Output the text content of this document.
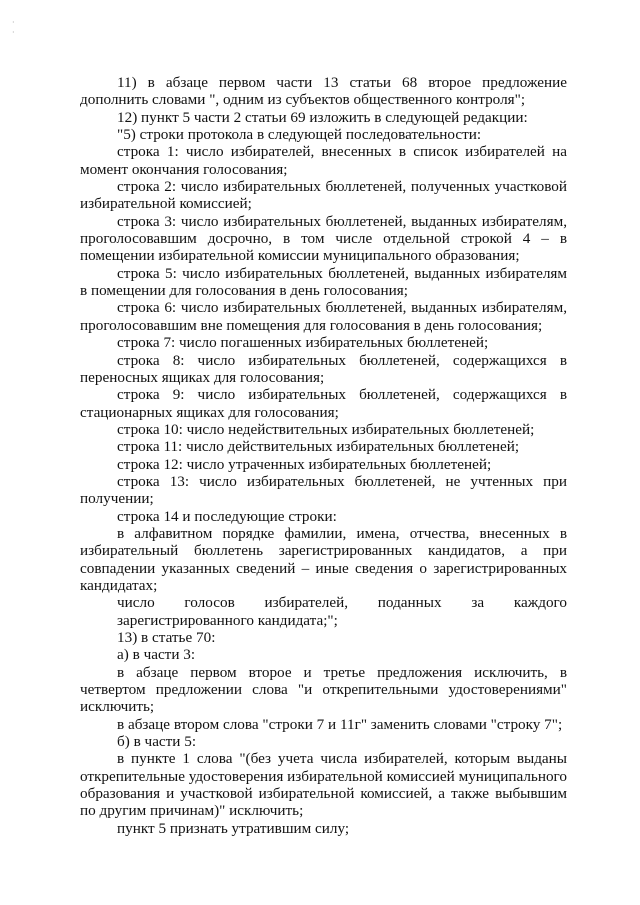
· ·

11) в абзаце первом части 13 статьи 68 второе предложение дополнить словами ", одним из субъектов общественного контроля";

12) пункт 5 части 2 статьи 69 изложить в следующей редакции:

"5) строки протокола в следующей последовательности:

строка 1: число избирателей, внесенных в список избирателей на момент окончания голосования;

строка 2: число избирательных бюллетеней, полученных участковой избирательной комиссией;

строка 3: число избирательных бюллетеней, выданных избирателям, проголосовавшим досрочно, в том числе отдельной строкой 4 – в помещении избирательной комиссии муниципального образования;

строка 5: число избирательных бюллетеней, выданных избирателям в помещении для голосования в день голосования;

строка 6: число избирательных бюллетеней, выданных избирателям, проголосовавшим вне помещения для голосования в день голосования;

строка 7: число погашенных избирательных бюллетеней;

строка 8: число избирательных бюллетеней, содержащихся в переносных ящиках для голосования;

строка 9: число избирательных бюллетеней, содержащихся в стационарных ящиках для голосования;

строка 10: число недействительных избирательных бюллетеней;

строка 11: число действительных избирательных бюллетеней;

строка 12: число утраченных избирательных бюллетеней;

строка 13: число избирательных бюллетеней, не учтенных при получении;

строка 14 и последующие строки:

в алфавитном порядке фамилии, имена, отчества, внесенных в избирательный бюллетень зарегистрированных кандидатов, а при совпадении указанных сведений – иные сведения о зарегистрированных кандидатах;

число голосов избирателей, поданных за каждого зарегистрированного кандидата;";

13) в статье 70:

а) в части 3:

в абзаце первом второе и третье предложения исключить, в четвертом предложении слова "и открепительными удостоверениями" исключить;

в абзаце втором слова "строки 7 и 11г" заменить словами "строку 7";

б) в части 5:

в пункте 1 слова "(без учета числа избирателей, которым выданы открепительные удостоверения избирательной комиссией муниципального образования и участковой избирательной комиссией, а также выбывшим по другим причинам)" исключить;

пункт 5 признать утратившим силу;
